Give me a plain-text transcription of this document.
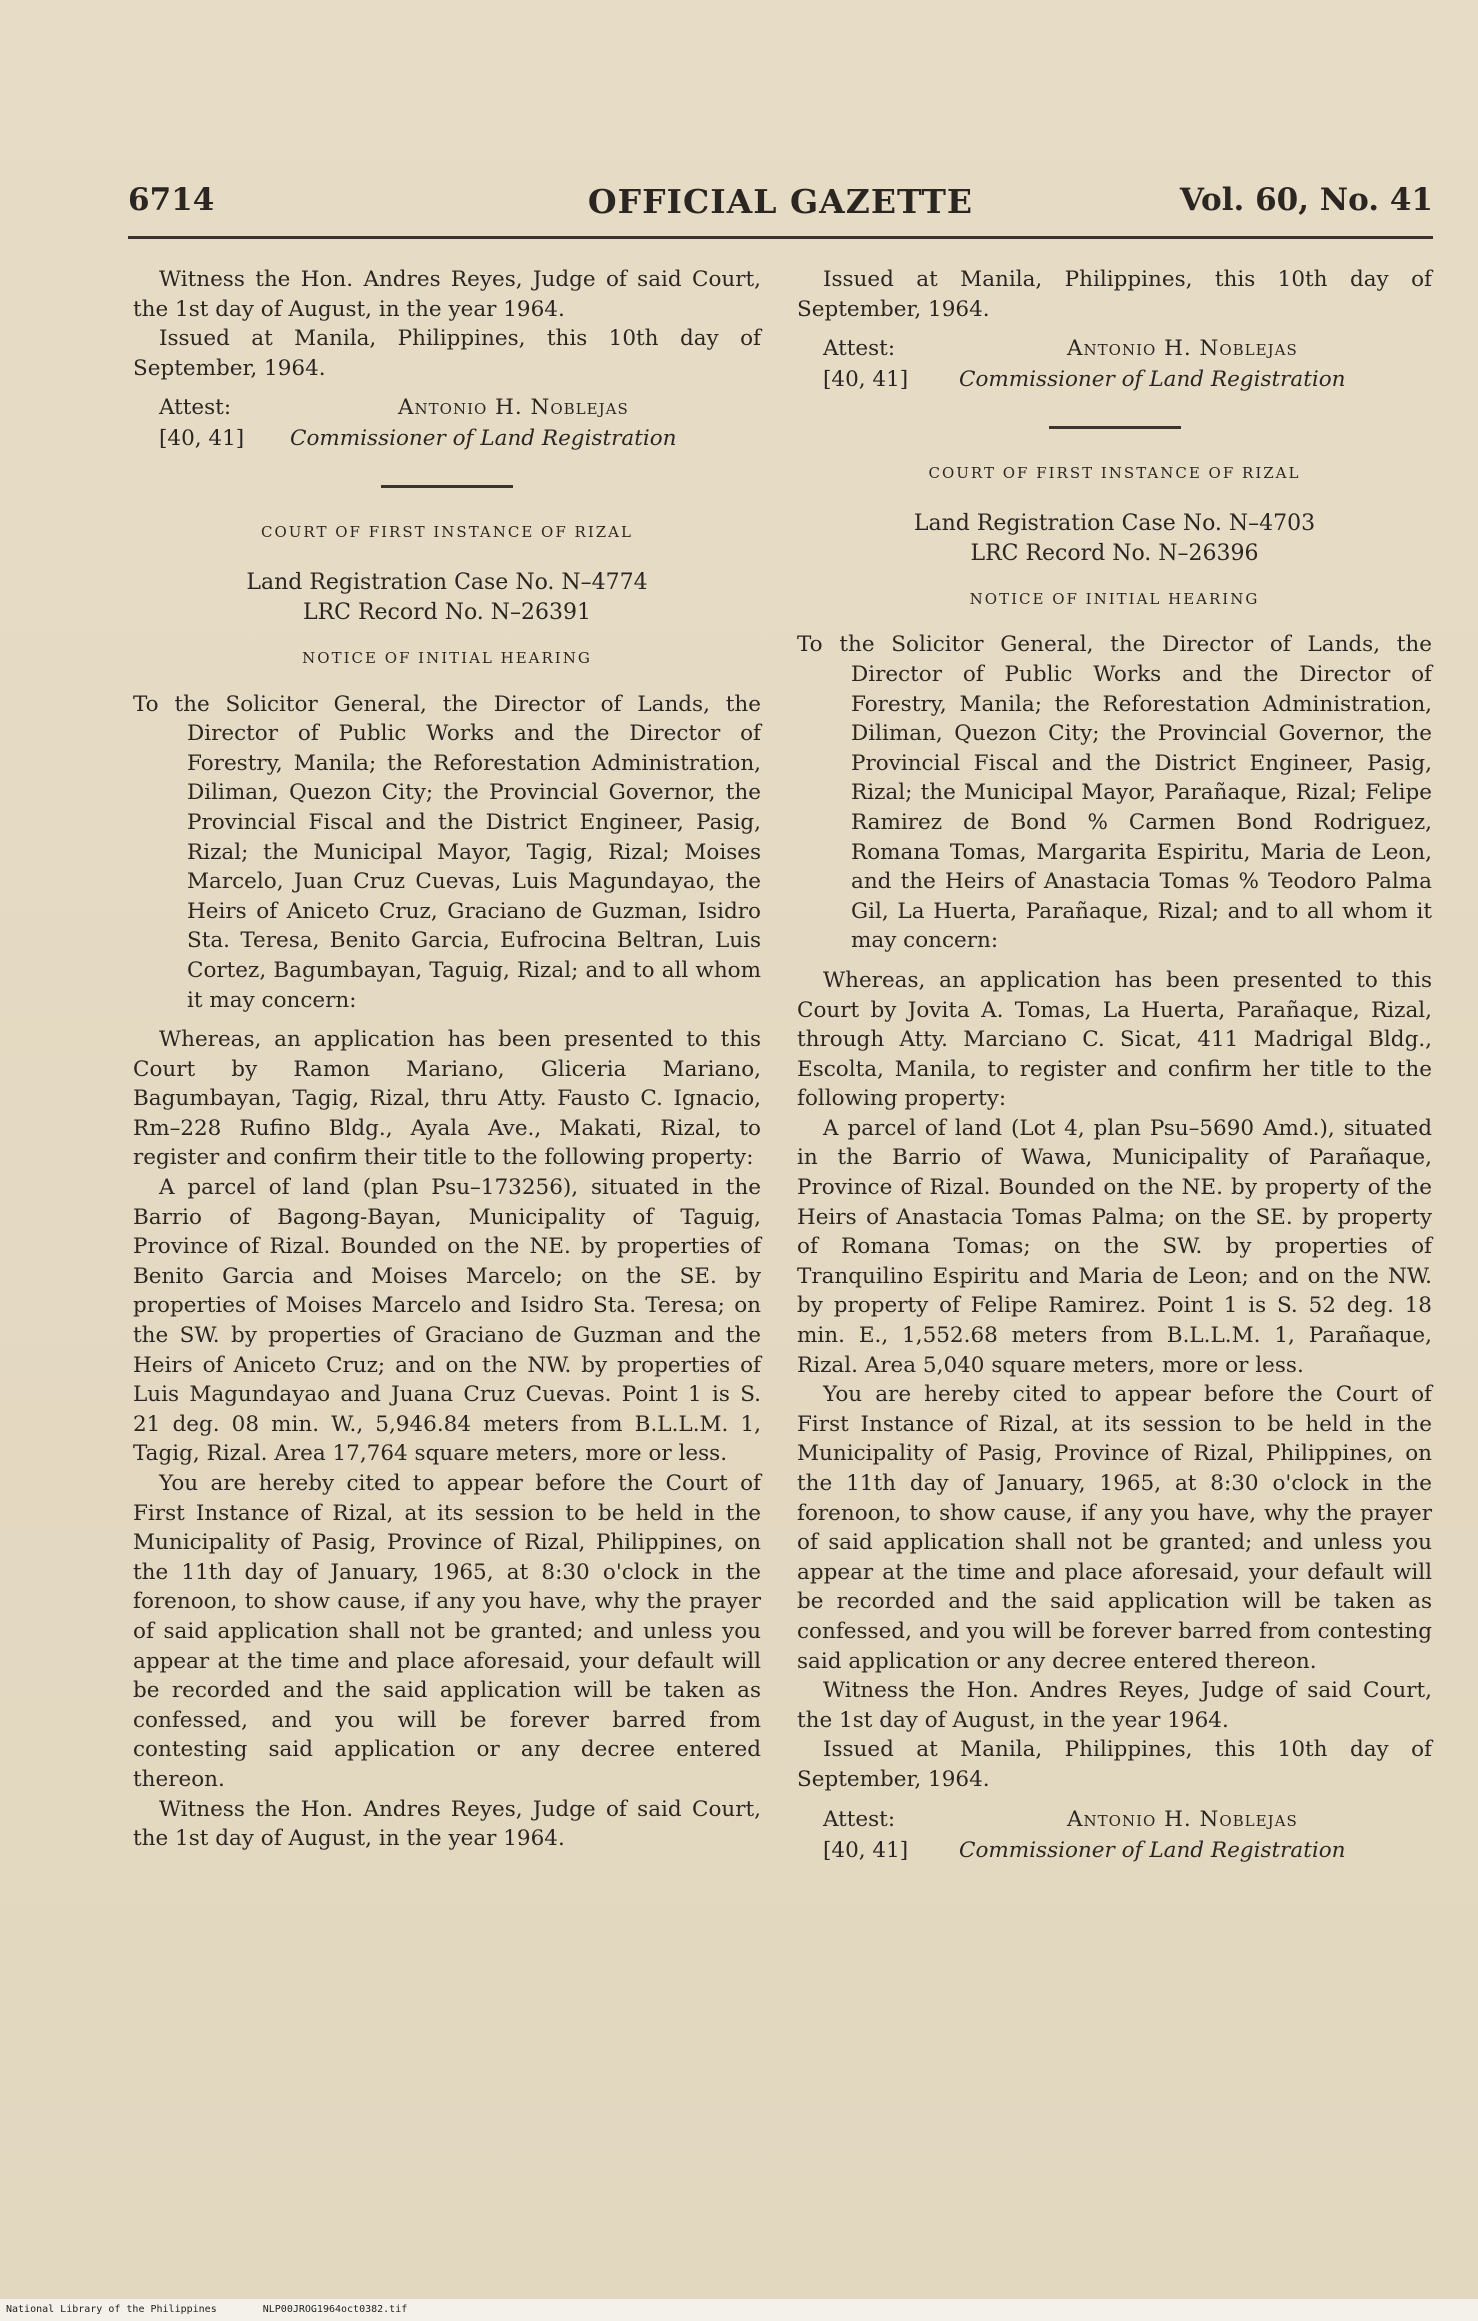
6714	OFFICIAL GAZETTE	Vol. 60, No. 41

Witness the Hon. Andres Reyes, Judge of said Court, the 1st day of August, in the year 1964.

Issued at Manila, Philippines, this 10th day of September, 1964.

Attest:
[40, 41]
Antonio H. Noblejas
Commissioner of Land Registration

COURT OF FIRST INSTANCE OF RIZAL

Land Registration Case No. N–4774

LRC Record No. N–26391

NOTICE OF INITIAL HEARING

To the Solicitor General, the Director of Lands, the Director of Public Works and the Director of Forestry, Manila; the Reforestation Administration, Diliman, Quezon City; the Provincial Governor, the Provincial Fiscal and the District Engineer, Pasig, Rizal; the Municipal Mayor, Tagig, Rizal; Moises Marcelo, Juan Cruz Cuevas, Luis Magundayao, the Heirs of Aniceto Cruz, Graciano de Guzman, Isidro Sta. Teresa, Benito Garcia, Eufrocina Beltran, Luis Cortez, Bagumbayan, Taguig, Rizal; and to all whom it may concern:

Whereas, an application has been presented to this Court by Ramon Mariano, Gliceria Mariano, Bagumbayan, Tagig, Rizal, thru Atty. Fausto C. Ignacio, Rm–228 Rufino Bldg., Ayala Ave., Makati, Rizal, to register and confirm their title to the following property:

A parcel of land (plan Psu–173256), situated in the Barrio of Bagong-Bayan, Municipality of Taguig, Province of Rizal. Bounded on the NE. by properties of Benito Garcia and Moises Marcelo; on the SE. by properties of Moises Marcelo and Isidro Sta. Teresa; on the SW. by properties of Graciano de Guzman and the Heirs of Aniceto Cruz; and on the NW. by properties of Luis Magundayao and Juana Cruz Cuevas. Point 1 is S. 21 deg. 08 min. W., 5,946.84 meters from B.L.L.M. 1, Tagig, Rizal. Area 17,764 square meters, more or less.

You are hereby cited to appear before the Court of First Instance of Rizal, at its session to be held in the Municipality of Pasig, Province of Rizal, Philippines, on the 11th day of January, 1965, at 8:30 o'clock in the forenoon, to show cause, if any you have, why the prayer of said application shall not be granted; and unless you appear at the time and place aforesaid, your default will be recorded and the said application will be taken as confessed, and you will be forever barred from contesting said application or any decree entered thereon.

Witness the Hon. Andres Reyes, Judge of said Court, the 1st day of August, in the year 1964.

Issued at Manila, Philippines, this 10th day of September, 1964.

Attest:
[40, 41]
Antonio H. Noblejas
Commissioner of Land Registration

COURT OF FIRST INSTANCE OF RIZAL

Land Registration Case No. N–4703

LRC Record No. N–26396

NOTICE OF INITIAL HEARING

To the Solicitor General, the Director of Lands, the Director of Public Works and the Director of Forestry, Manila; the Reforestation Administration, Diliman, Quezon City; the Provincial Governor, the Provincial Fiscal and the District Engineer, Pasig, Rizal; the Municipal Mayor, Parañaque, Rizal; Felipe Ramirez de Bond % Carmen Bond Rodriguez, Romana Tomas, Margarita Espiritu, Maria de Leon, and the Heirs of Anastacia Tomas % Teodoro Palma Gil, La Huerta, Parañaque, Rizal; and to all whom it may concern:

Whereas, an application has been presented to this Court by Jovita A. Tomas, La Huerta, Parañaque, Rizal, through Atty. Marciano C. Sicat, 411 Madrigal Bldg., Escolta, Manila, to register and confirm her title to the following property:

A parcel of land (Lot 4, plan Psu–5690 Amd.), situated in the Barrio of Wawa, Municipality of Parañaque, Province of Rizal. Bounded on the NE. by property of the Heirs of Anastacia Tomas Palma; on the SE. by property of Romana Tomas; on the SW. by properties of Tranquilino Espiritu and Maria de Leon; and on the NW. by property of Felipe Ramirez. Point 1 is S. 52 deg. 18 min. E., 1,552.68 meters from B.L.L.M. 1, Parañaque, Rizal. Area 5,040 square meters, more or less.

You are hereby cited to appear before the Court of First Instance of Rizal, at its session to be held in the Municipality of Pasig, Province of Rizal, Philippines, on the 11th day of January, 1965, at 8:30 o'clock in the forenoon, to show cause, if any you have, why the prayer of said application shall not be granted; and unless you appear at the time and place aforesaid, your default will be recorded and the said application will be taken as confessed, and you will be forever barred from contesting said application or any decree entered thereon.

Witness the Hon. Andres Reyes, Judge of said Court, the 1st day of August, in the year 1964.

Issued at Manila, Philippines, this 10th day of September, 1964.

Attest:
[40, 41]
Antonio H. Noblejas
Commissioner of Land Registration
National Library of the Philippines	NLP00JROG1964oct0382.tif
